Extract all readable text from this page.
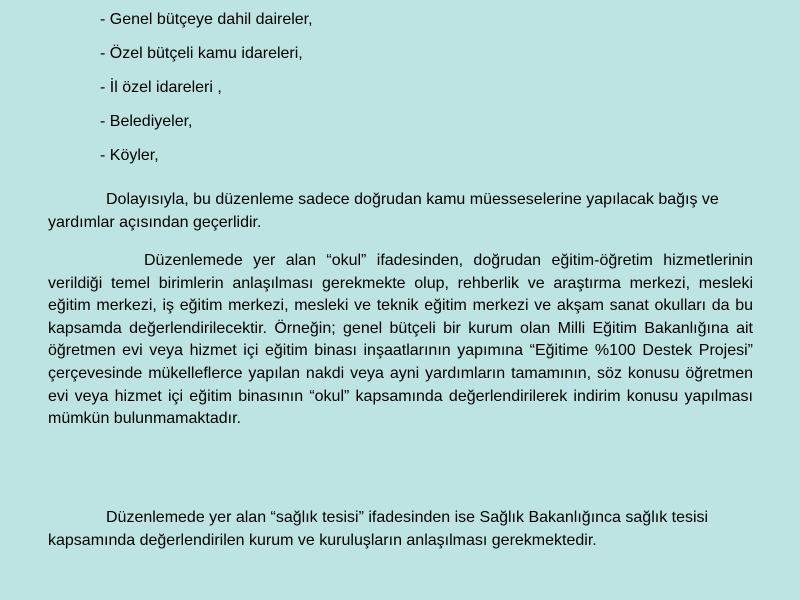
- Genel bütçeye dahil daireler,
- Özel bütçeli kamu idareleri,
- İl özel idareleri ,
- Belediyeler,
- Köyler,

Dolayısıyla, bu düzenleme sadece doğrudan kamu müesseselerine yapılacak bağış ve yardımlar açısından geçerlidir.

Düzenlemede yer alan “okul” ifadesinden, doğrudan eğitim-öğretim hizmetlerinin verildiği temel birimlerin anlaşılması gerekmekte olup, rehberlik ve araştırma merkezi, mesleki eğitim merkezi, iş eğitim merkezi, mesleki ve teknik eğitim merkezi ve akşam sanat okulları da bu kapsamda değerlendirilecektir. Örneğin; genel bütçeli bir kurum olan Milli Eğitim Bakanlığına ait öğretmen evi veya hizmet içi eğitim binası inşaatlarının yapımına “Eğitime %100 Destek Projesi” çerçevesinde mükelleflerce yapılan nakdi veya ayni yardımların tamamının, söz konusu öğretmen evi veya hizmet içi eğitim binasının “okul” kapsamında değerlendirilerek indirim konusu yapılması mümkün bulunmamaktadır.

Düzenlemede yer alan “sağlık tesisi” ifadesinden ise Sağlık Bakanlığınca sağlık tesisi kapsamında değerlendirilen kurum ve kuruluşların anlaşılması gerekmektedir.
